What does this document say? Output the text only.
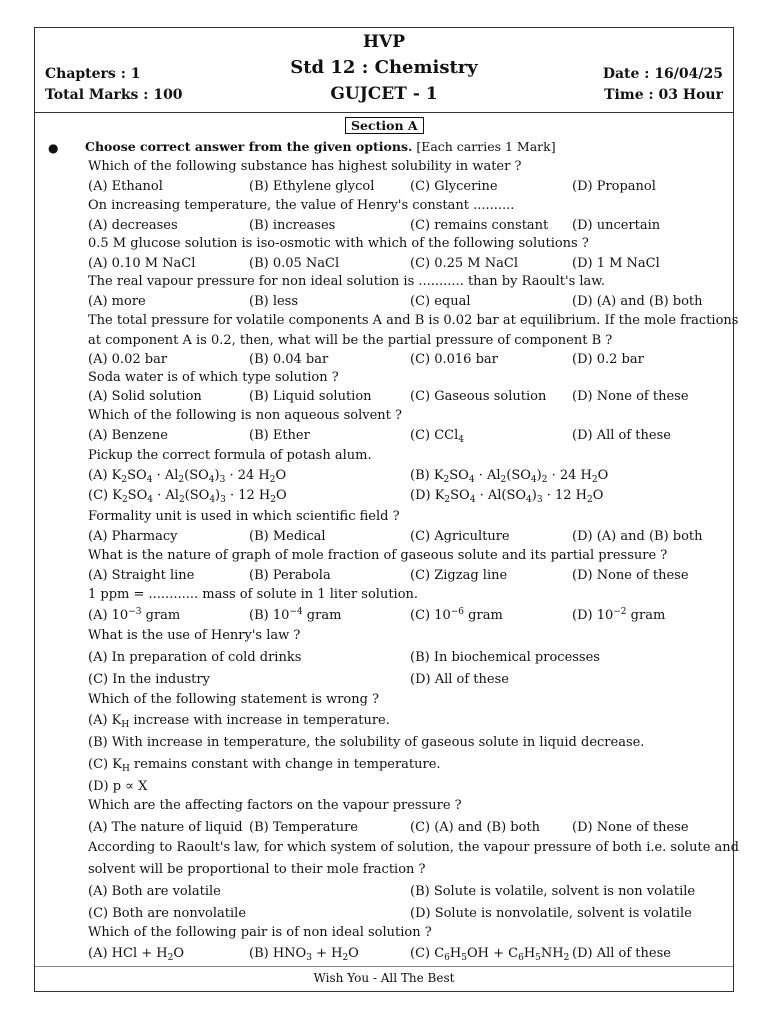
HVP
Std 12 : Chemistry
GUJCET - 1
Chapters : 1
Total Marks : 100
Date : 16/04/25
Time : 03 Hour
Section A
● Choose correct answer from the given options. [Each carries 1 Mark]
Which of the following substance has highest solubility in water ?
(A) Ethanol	(B) Ethylene glycol	(C) Glycerine	(D) Propanol
On increasing temperature, the value of Henry's constant ..........
(A) decreases	(B) increases	(C) remains constant (D) uncertain
0.5 M glucose solution is iso-osmotic with which of the following solutions ?
(A) 0.10 M NaCl	(B) 0.05 NaCl	(C) 0.25 M NaCl	(D) 1 M NaCl
The real vapour pressure for non ideal solution is ........... than by Raoult's law.
(A) more	(B) less	(C) equal	(D) (A) and (B) both
The total pressure for volatile components A and B is 0.02 bar at equilibrium. If the mole fractions
at component A is 0.2, then, what will be the partial pressure of component B ?
(A) 0.02 bar	(B) 0.04 bar	(C) 0.016 bar	(D) 0.2 bar
Soda water is of which type solution ?
(A) Solid solution	(B) Liquid solution	(C) Gaseous solution (D) None of these
Which of the following is non aqueous solvent ?
(A) Benzene	(B) Ether	(C) CCl$_4$	(D) All of these
Pickup the correct formula of potash alum.
(A) $K_2SO_4 \cdot Al_2(SO_4)_3 \cdot 24$ $H_2O$	(B) $K_2SO_4 \cdot Al_2(SO_4)_2 \cdot 24$ $H_2O$
(C) $K_2SO_4 \cdot Al_2(SO_4)_3 \cdot 12$ $H_2O$	(D) $K_2SO_4 \cdot Al(SO_4)_3 \cdot 12$ $H_2O$
Formality unit is used in which scientific field ?
(A) Pharmacy	(B) Medical	(C) Agriculture	(D) (A) and (B) both
What is the nature of graph of mole fraction of gaseous solute and its partial pressure ?
(A) Straight line	(B) Perabola	(C) Zigzag line	(D) None of these
1 ppm = ............ mass of solute in 1 liter solution.
(A) $10^{-3}$ gram	(B) $10^{-4}$ gram	(C) $10^{-6}$ gram	(D) $10^{-2}$ gram
What is the use of Henry's law ?
(A) In preparation of cold drinks	(B) In biochemical processes
(C) In the industry	(D) All of these
Which of the following statement is wrong ?
(A) $K_H$ increase with increase in temperature.
(B) With increase in temperature, the solubility of gaseous solute in liquid decrease.
(C) $K_H$ remains constant with change in temperature.
(D) p ∝ X
Which are the affecting factors on the vapour pressure ?
(A) The nature of liquid (B) Temperature	(C) (A) and (B) both (D) None of these
According to Raoult's law, for which system of solution, the vapour pressure of both i.e. solute and
solvent will be proportional to their mole fraction ?
(A) Both are volatile	(B) Solute is volatile, solvent is non volatile
(C) Both are nonvolatile	(D) Solute is nonvolatile, solvent is volatile
Which of the following pair is of non ideal solution ?
(A) HCl + $H_2O$	(B) $HNO_3 + H_2O$	(C) $C_6H_5OH + C_6H_5NH_2$ (D) All of these
Wish You - All The Best
